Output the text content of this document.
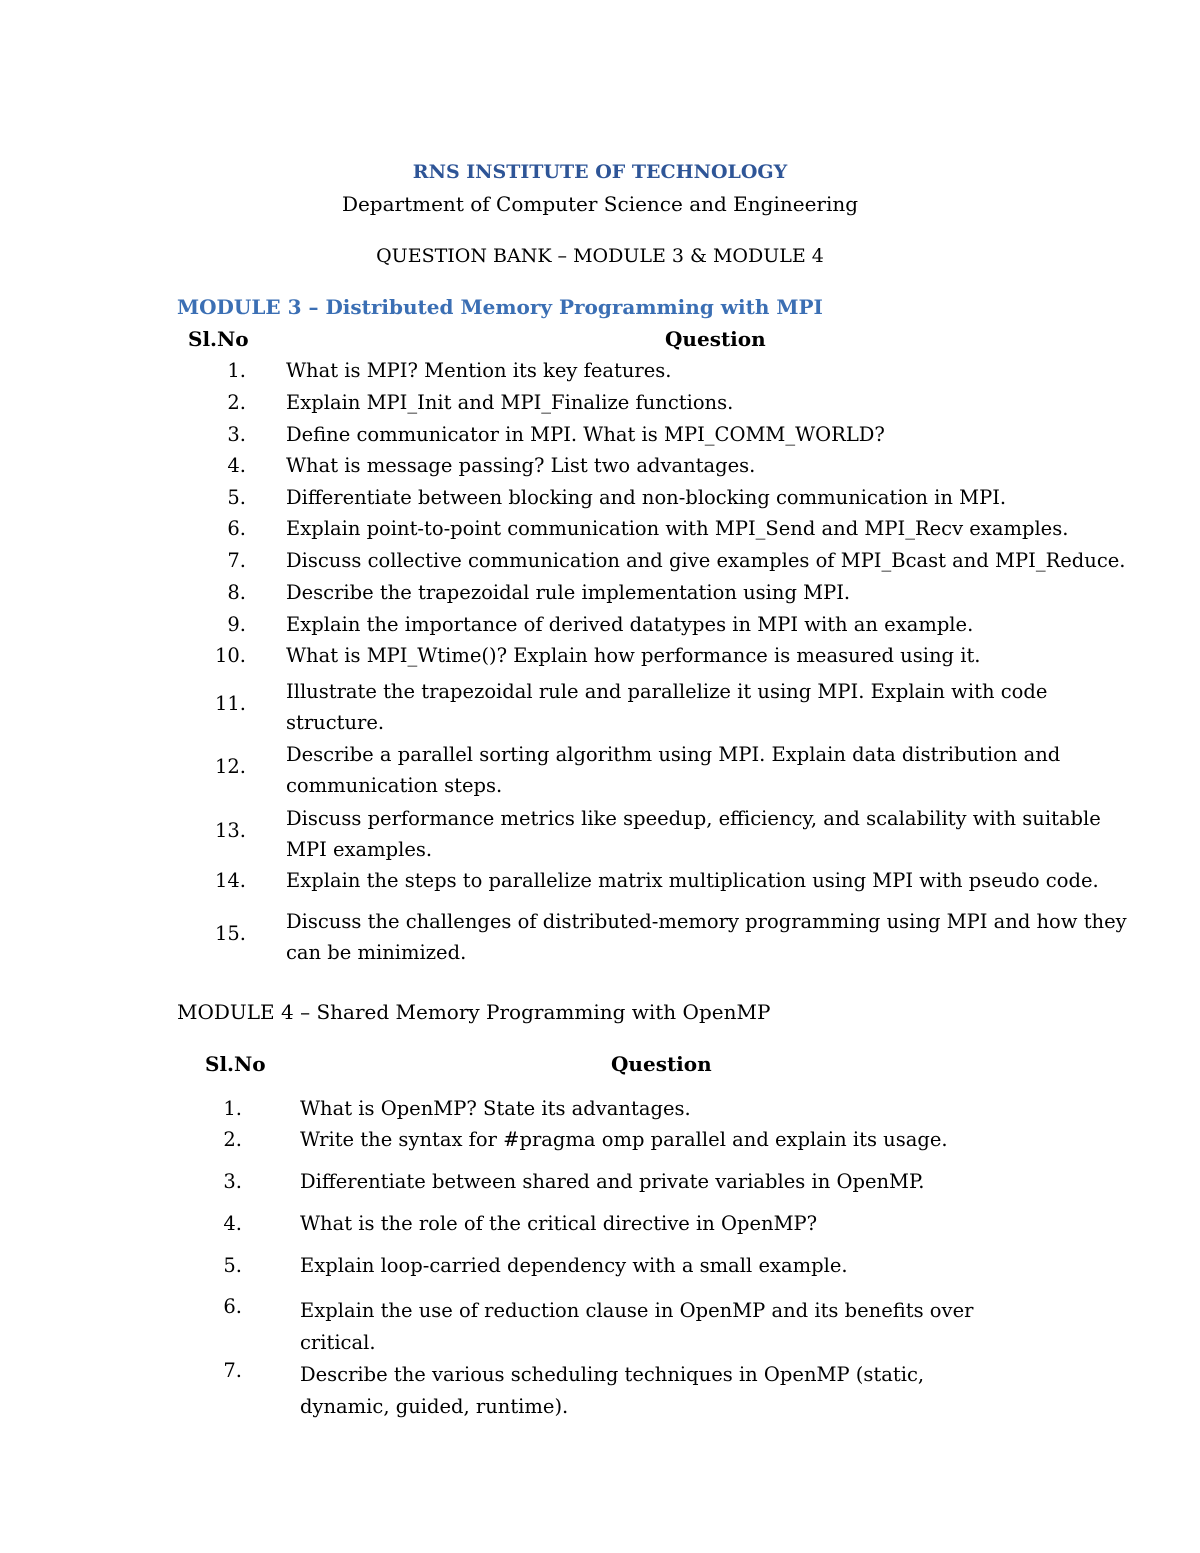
RNS INSTITUTE OF TECHNOLOGY
Department of Computer Science and Engineering
QUESTION BANK – MODULE 3 & MODULE 4
MODULE 3 – Distributed Memory Programming with MPI
Sl.No	Question
1. What is MPI? Mention its key features.
2. Explain MPI_Init and MPI_Finalize functions.
3. Define communicator in MPI. What is MPI_COMM_WORLD?
4. What is message passing? List two advantages.
5. Differentiate between blocking and non-blocking communication in MPI.
6. Explain point-to-point communication with MPI_Send and MPI_Recv examples.
7. Discuss collective communication and give examples of MPI_Bcast and MPI_Reduce.
8. Describe the trapezoidal rule implementation using MPI.
9. Explain the importance of derived datatypes in MPI with an example.
10. What is MPI_Wtime()? Explain how performance is measured using it.
11.
Illustrate the trapezoidal rule and parallelize it using MPI. Explain with code
structure.
12.
Describe a parallel sorting algorithm using MPI. Explain data distribution and
communication steps.
13.
Discuss performance metrics like speedup, efficiency, and scalability with suitable
MPI examples.
14. Explain the steps to parallelize matrix multiplication using MPI with pseudo code.
15.
Discuss the challenges of distributed-memory programming using MPI and how they
can be minimized.
MODULE 4 – Shared Memory Programming with OpenMP
Sl.No	Question
1.	What is OpenMP? State its advantages.
2.	Write the syntax for #pragma omp parallel and explain its usage.
3.	Differentiate between shared and private variables in OpenMP.
4.	What is the role of the critical directive in OpenMP?
5.	Explain loop-carried dependency with a small example.
6.	Explain the use of reduction clause in OpenMP and its benefits over
critical.
7.	Describe the various scheduling techniques in OpenMP (static,
dynamic, guided, runtime).
